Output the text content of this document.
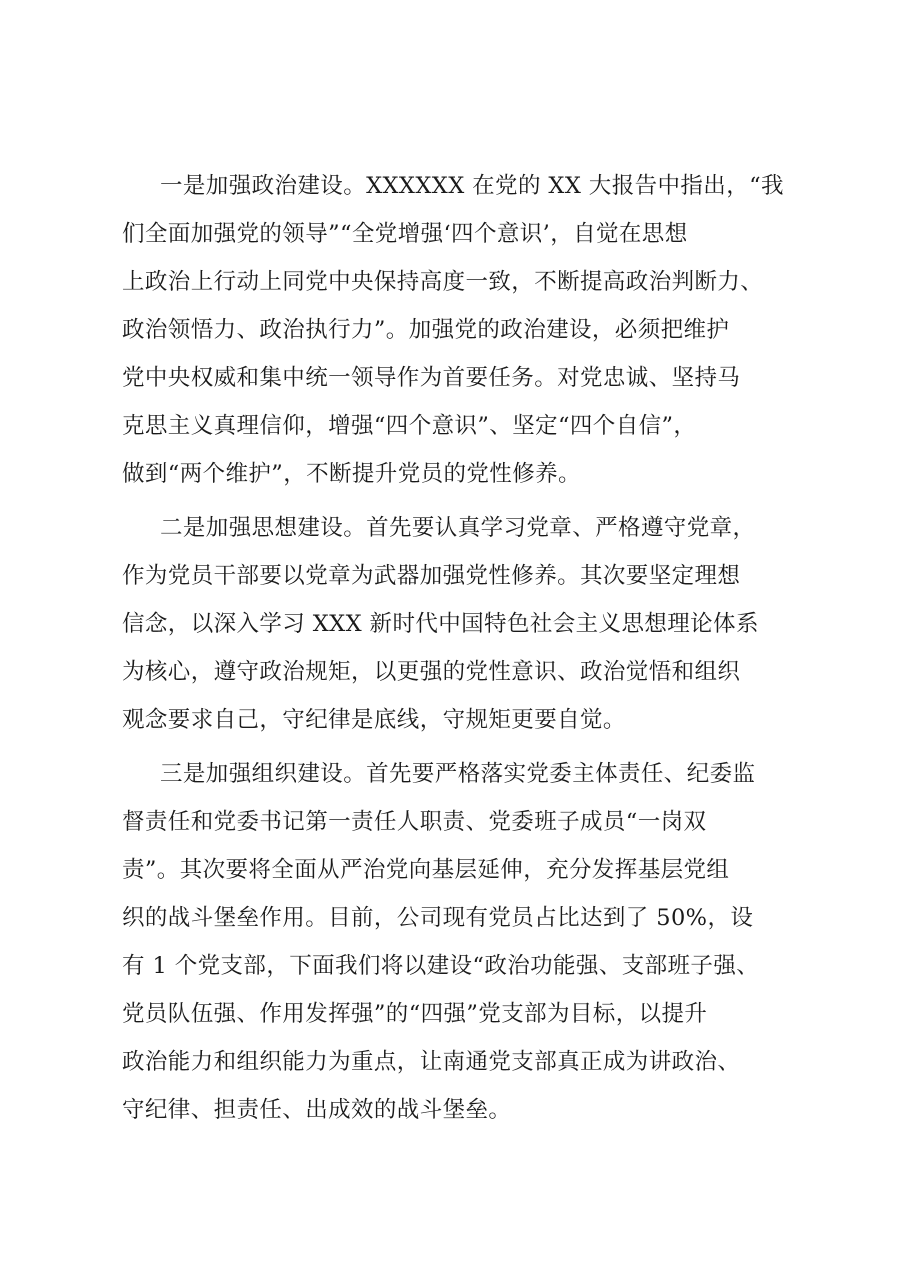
一是加强政治建设。XXXXXX 在党的 XX 大报告中指出，“我
们全面加强党的领导”“全党增强‘四个意识’，自觉在思想
上政治上行动上同党中央保持高度一致，不断提高政治判断力、
政治领悟力、政治执行力”。加强党的政治建设，必须把维护
党中央权威和集中统一领导作为首要任务。对党忠诚、坚持马
克思主义真理信仰，增强“四个意识”、坚定“四个自信”，
做到“两个维护”，不断提升党员的党性修养。
二是加强思想建设。首先要认真学习党章、严格遵守党章，
作为党员干部要以党章为武器加强党性修养。其次要坚定理想
信念，以深入学习 XXX 新时代中国特色社会主义思想理论体系
为核心，遵守政治规矩，以更强的党性意识、政治觉悟和组织
观念要求自己，守纪律是底线，守规矩更要自觉。
三是加强组织建设。首先要严格落实党委主体责任、纪委监
督责任和党委书记第一责任人职责、党委班子成员“一岗双
责”。其次要将全面从严治党向基层延伸，充分发挥基层党组
织的战斗堡垒作用。目前，公司现有党员占比达到了 50%，设
有 1 个党支部，下面我们将以建设“政治功能强、支部班子强、
党员队伍强、作用发挥强”的“四强”党支部为目标，以提升
政治能力和组织能力为重点，让南通党支部真正成为讲政治、
守纪律、担责任、出成效的战斗堡垒。
